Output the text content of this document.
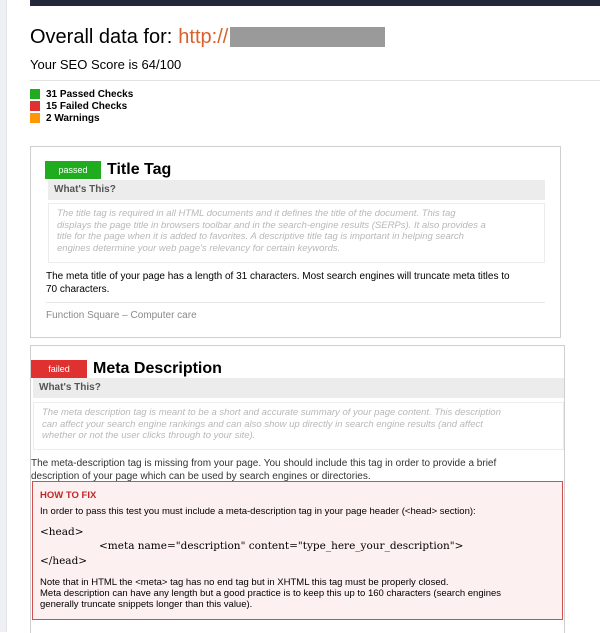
Overall data for: http://
Your SEO Score is 64/100
31 Passed Checks
15 Failed Checks
2 Warnings
passed	Title Tag
What's This?
The title tag is required in all HTML documents and it defines the title of the document. This tag
displays the page title in browsers toolbar and in the search-engine results (SERPs). It also provides a
title for the page when it is added to favorites. A descriptive title tag is important in helping search
engines determine your web page's relevancy for certain keywords.
The meta title of your page has a length of 31 characters. Most search engines will truncate meta titles to
70 characters.
Function Square – Computer care
failed	Meta Description
What's This?
The meta description tag is meant to be a short and accurate summary of your page content. This description
can affect your search engine rankings and can also show up directly in search engine results (and affect
whether or not the user clicks through to your site).
The meta-description tag is missing from your page. You should include this tag in order to provide a brief
description of your page which can be used by search engines or directories.
HOW TO FIX
In order to pass this test you must include a meta-description tag in your page header (<head> section):
<head>
<meta name="description" content="type_here_your_description">
</head>
Note that in HTML the <meta> tag has no end tag but in XHTML this tag must be properly closed.
Meta description can have any length but a good practice is to keep this up to 160 characters (search engines
generally truncate snippets longer than this value).
